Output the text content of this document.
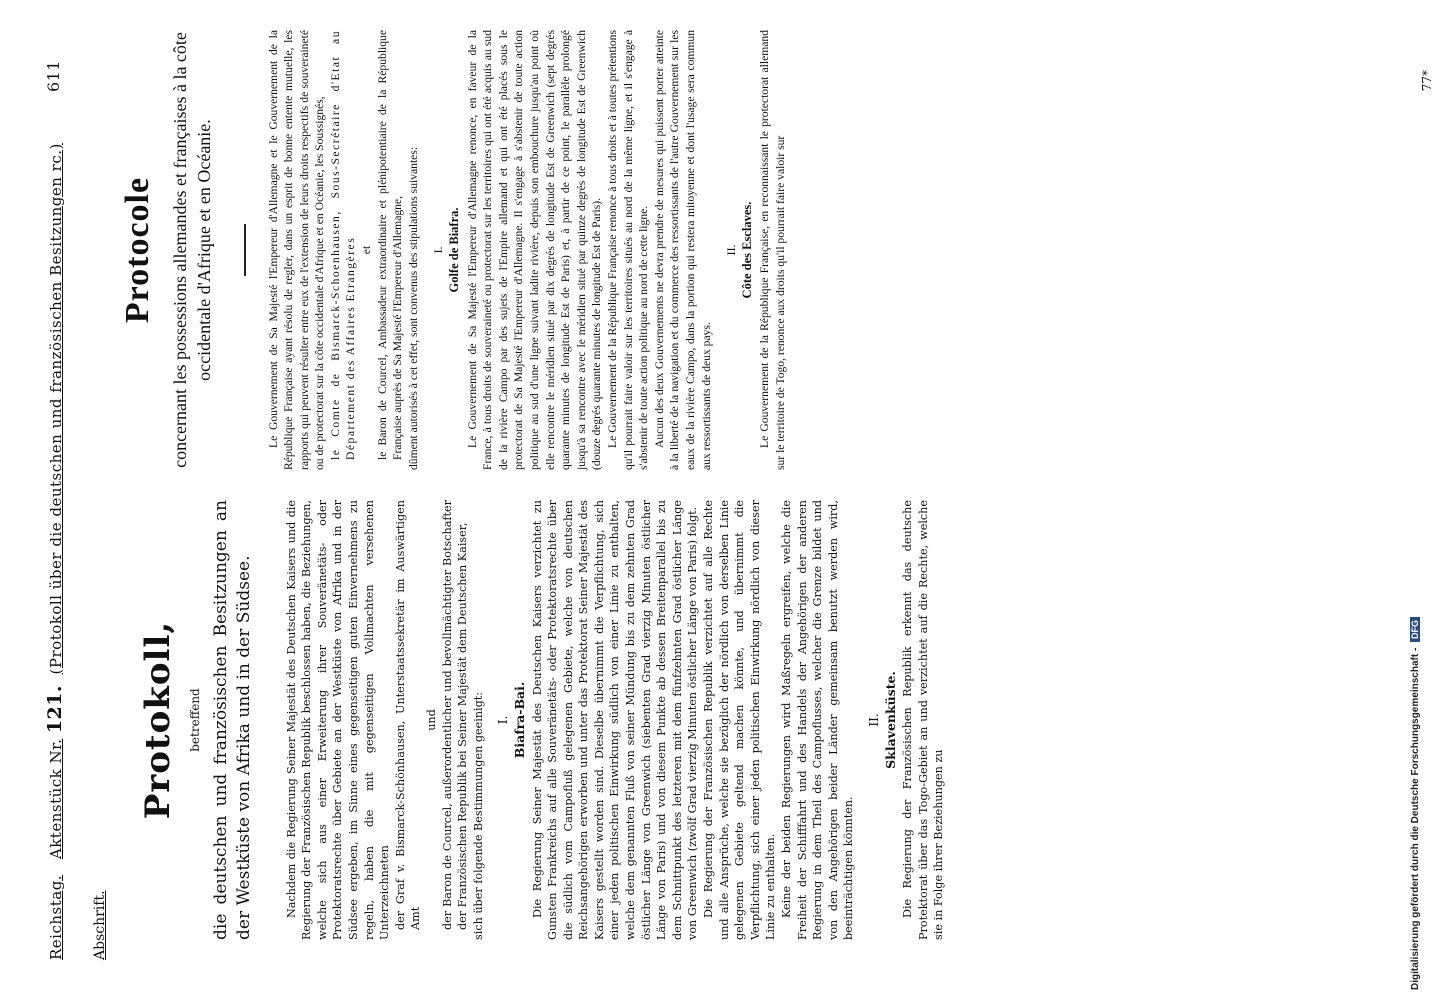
Reichstag.   Aktenstück Nr. 121.  (Protokoll über die deutschen und französischen Besitzungen rc.)
611
Abschrift.
Protokoll, betreffend die deutschen und französischen Besitzungen an der Westküste von Afrika und in der Südsee.	Nachdem die Regierung Seiner Majestät des Deutschen Kaisers und die Regierung der Französischen Republik beschlossen haben, die Beziehungen, welche sich aus einer Erweiterung ihrer Souveränetäts- oder Protektoratsrechte über Gebiete an der Westküste von Afrika und in der Südsee ergeben, im Sinne eines gegenseitigen guten Einvernehmens zu regeln, haben die mit gegenseitigen Vollmachten versehenen Unterzeichneten der Graf v. Bismarck-Schönhausen, Unterstaatssekretär im Auswärtigen Amt

und der Baron de Courcel, außerordentlicher und bevollmächtigter Botschafter der Französischen Republik bei Seiner Majestät dem Deutschen Kaiser, sich über folgende Bestimmungen geeinigt: I. Biafra-Bai. Die Regierung Seiner Majestät des Deutschen Kaisers verzichtet zu Gunsten Frankreichs auf alle Souveränetäts- oder Protektoratsrechte über die südlich vom Campofluß gelegenen Gebiete, welche von deutschen Reichsangehörigen erworben und unter das Protektorat Seiner Majestät des Kaisers gestellt worden sind. Dieselbe übernimmt die Verpflichtung, sich einer jeden politischen Einwirkung südlich von einer Linie zu enthalten, welche dem genannten Fluß von seiner Mündung bis zu dem zehnten Grad östlicher Länge von Greenwich (siebenten Grad vierzig Minuten östlicher Länge von Paris) und von diesem Punkte ab dessen Breitenparallel bis zu dem Schnittpunkt des letzteren mit dem fünfzehnten Grad östlicher Länge von Greenwich (zwölf Grad vierzig Minuten östlicher Länge von Paris) folgt. Die Regierung der Französischen Republik verzichtet auf alle Rechte und alle Ansprüche, welche sie bezüglich der nördlich von derselben Linie gelegenen Gebiete geltend machen könnte, und übernimmt die Verpflichtung, sich einer jeden politischen Einwirkung nördlich von dieser Linie zu enthalten. Keine der beiden Regierungen wird Maßregeln ergreifen, welche die Freiheit der Schifffahrt und des Handels der Angehörigen der anderen Regierung in dem Theil des Campoflusses, welcher die Grenze bildet und von den Angehörigen beider Länder gemeinsam benutzt werden wird, beeinträchtigen könnten.

II. Sklavenküste. Die Regierung der Französischen Republik erkennt das deutsche Protektorat über das Togo-Gebiet an und verzichtet auf die Rechte, welche sie in Folge ihrer Beziehungen zu

Protocole concernant les possessions allemandes et françaises à la côte occidentale d'Afrique et en Océanie.	Le Gouvernement de Sa Majesté l'Empereur d'Allemagne et le Gouvernement de la République Française ayant résolu de regler, dans un esprit de bonne entente mutuelle, les rapports qui peuvent résulter entre eux de l'extension de leurs droits respectifs de souveraineté ou de protectorat sur la côte occidentale d'Afrique et en Océanie, les Soussignés, le Comte de Bismarck-Schoenhausen, Sous-Secrétaire d'Etat au Département des Affaires Etrangères et le Baron de Courcel, Ambassadeur extraordinaire et plénipotentiaire de la République Française auprès de Sa Majesté l'Empereur d'Allemagne, dûment autorisés à cet effet, sont convenus des stipulations suivantes: I. Golfe de Biafra. Le Gouvernement de Sa Majesté l'Empereur d'Allemagne renonce, en faveur de la France, à tous droits de souveraineté ou protectorat sur les territoires qui ont été acquis au sud de la rivière Campo par des sujets de l'Empire allemand et qui ont été placés sous le protectorat de Sa Majesté l'Empereur d'Allemagne. Il s'engage à s'abstenir de toute action politique au sud d'une ligne suivant ladite rivière, depuis son embouchure jusqu'au point où elle rencontre le méridien situé par dix degrés de longitude Est de Greenwich (sept degrés quarante minutes de longitude Est de Paris) et, à partir de ce point, le parallèle prolongé jusqu'à sa rencontre avec le méridien situé par quinze degrés de longitude Est de Greenwich (douze degrés quarante minutes de longitude Est de Paris). Le Gouvernement de la République Française renonce à tous droits et à toutes prétentions qu'il pourrait faire valoir sur les territoires situés au nord de la même ligne, et il s'engage à s'abstenir de toute action politique au nord de cette ligne. Aucun des deux Gouvernements ne devra prendre de mesures qui puissent porter atteinte à la liberté de la navigation et du commerce des ressortissants de l'autre Gouvernement sur les eaux de la rivière Campo, dans la portion qui restera mitoyenne et dont l'usage sera commun aux ressortissants de deux pays.

II. Côte des Esclaves. Le Gouvernement de la République Française, en reconnaissant le protectorat allemand sur le territoire de Togo, renonce aux droits qu'il pourrait faire valoir sur

77*
Digitalisierung gefördert durch die Deutsche Forschungsgemeinschaft - DFG
